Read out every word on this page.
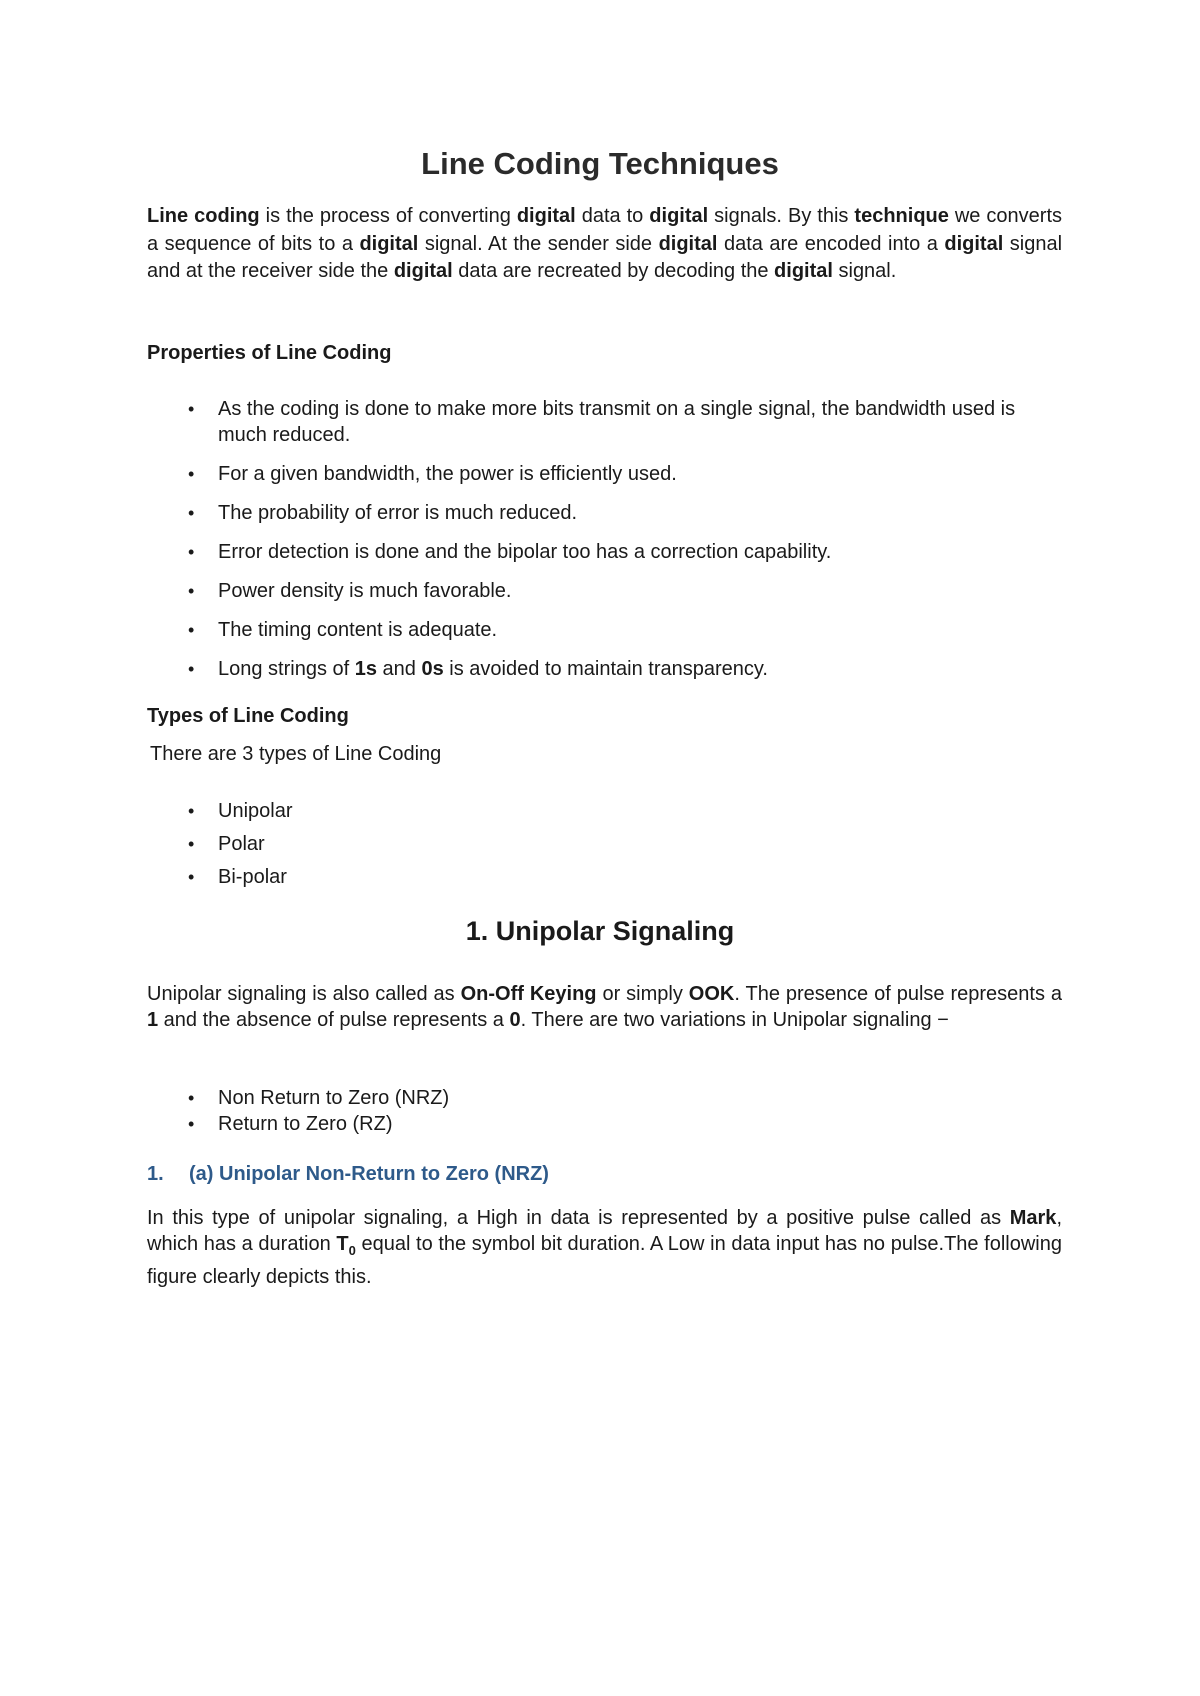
Line Coding Techniques
Line coding is the process of converting digital data to digital signals. By this technique we converts a sequence of bits to a digital signal. At the sender side digital data are encoded into a digital signal and at the receiver side the digital data are recreated by decoding the digital signal.
Properties of Line Coding
• As the coding is done to make more bits transmit on a single signal, the bandwidth used is much reduced.
• For a given bandwidth, the power is efficiently used.
• The probability of error is much reduced.
• Error detection is done and the bipolar too has a correction capability.
• Power density is much favorable.
• The timing content is adequate.
• Long strings of 1s and 0s is avoided to maintain transparency.
Types of Line Coding
There are 3 types of Line Coding
• Unipolar
• Polar
• Bi-polar
1. Unipolar Signaling
Unipolar signaling is also called as On-Off Keying or simply OOK. The presence of pulse represents a 1 and the absence of pulse represents a 0. There are two variations in Unipolar signaling −
• Non Return to Zero (NRZ)
• Return to Zero (RZ)
1. (a) Unipolar Non-Return to Zero (NRZ)
In this type of unipolar signaling, a High in data is represented by a positive pulse called as Mark, which has a duration $T_0$ equal to the symbol bit duration. A Low in data input has no pulse.The following figure clearly depicts this.
